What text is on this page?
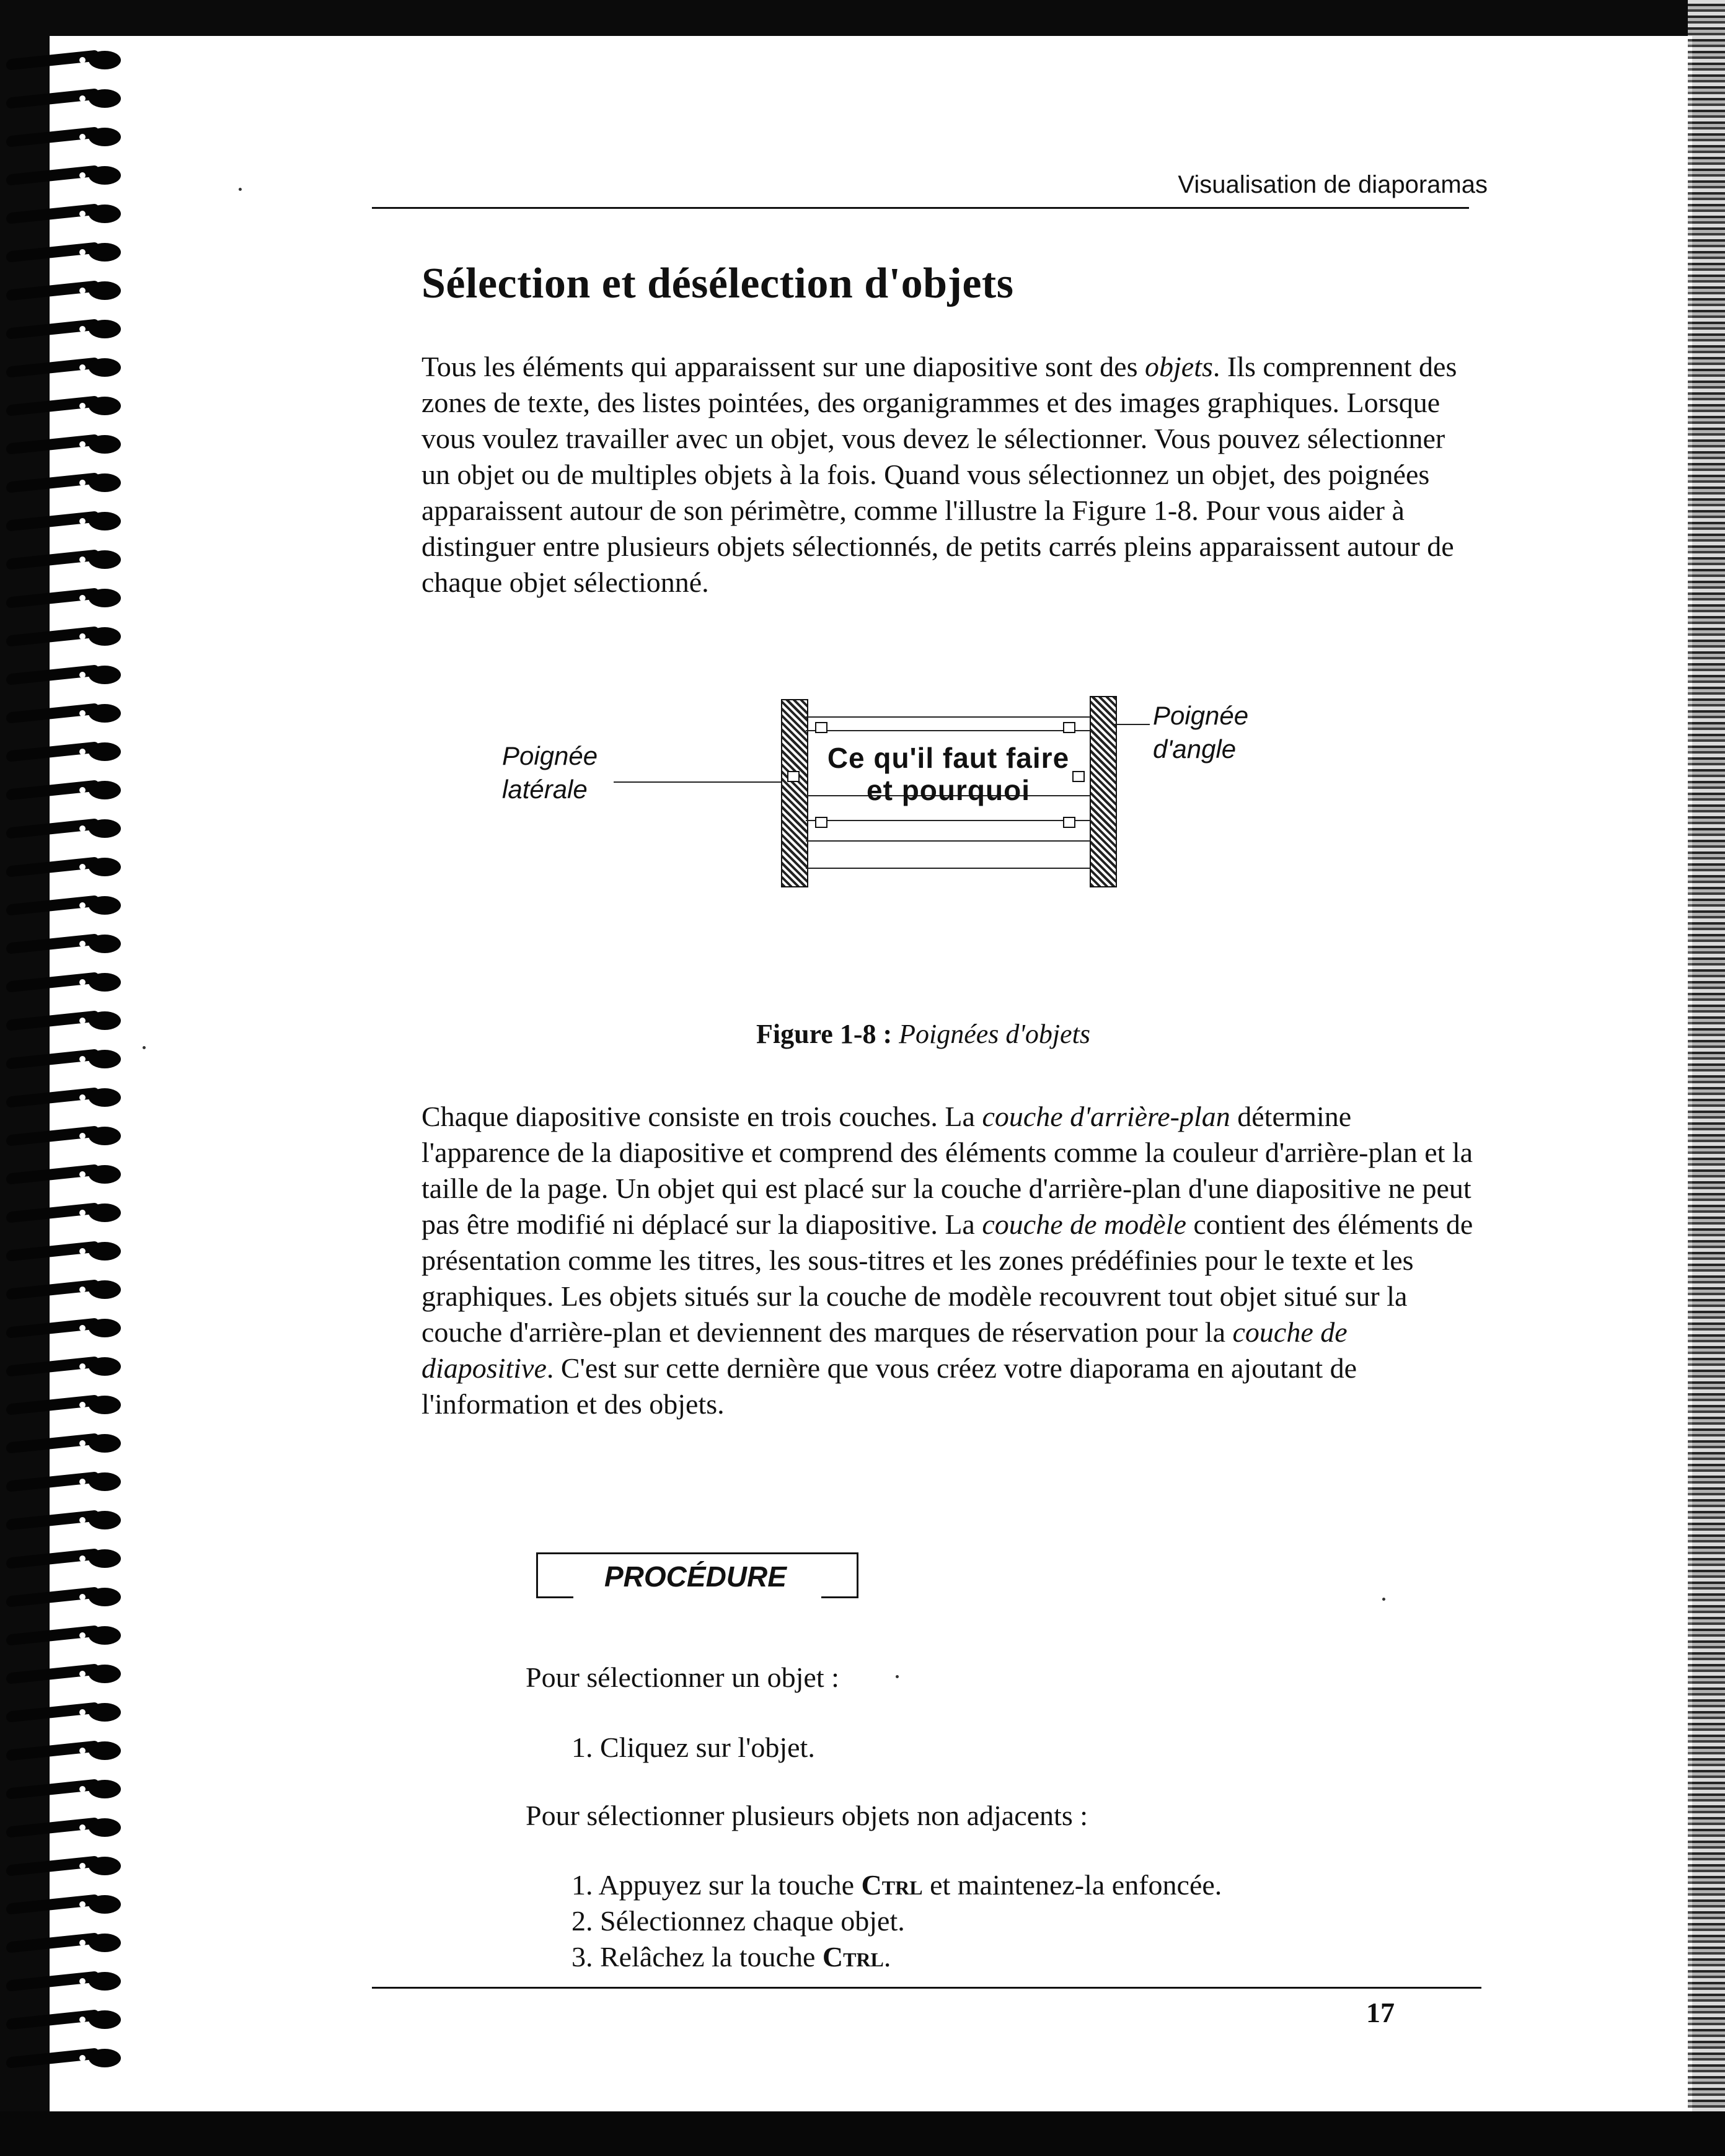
Visualisation de diaporamas
Sélection et désélection d'objets

Tous les éléments qui apparaissent sur une diapositive sont des objets. Ils comprennent des zones de texte, des listes pointées, des organigrammes et des images graphiques. Lorsque vous voulez travailler avec un objet, vous devez le sélectionner. Vous pouvez sélectionner un objet ou de multiples objets à la fois. Quand vous sélectionnez un objet, des poignées apparaissent autour de son périmètre, comme l'illustre la Figure 1-8. Pour vous aider à distinguer entre plusieurs objets sélectionnés, de petits carrés pleins apparaissent autour de chaque objet sélectionné.

Poignée
latérale
Ce qu'il faut faire
et pourquoi
Poignée
d'angle
Figure 1-8 : Poignées d'objets

Chaque diapositive consiste en trois couches. La couche d'arrière-plan détermine l'apparence de la diapositive et comprend des éléments comme la couleur d'arrière-plan et la taille de la page. Un objet qui est placé sur la couche d'arrière-plan d'une diapositive ne peut pas être modifié ni déplacé sur la diapositive. La couche de modèle contient des éléments de présentation comme les titres, les sous-titres et les zones prédéfinies pour le texte et les graphiques. Les objets situés sur la couche de modèle recouvrent tout objet situé sur la couche d'arrière-plan et deviennent des marques de réservation pour la couche de diapositive. C'est sur cette dernière que vous créez votre diaporama en ajoutant de l'information et des objets.

PROCÉDURE
Pour sélectionner un objet :
1. Cliquez sur l'objet.
Pour sélectionner plusieurs objets non adjacents :
1. Appuyez sur la touche Ctrl et maintenez-la enfoncée.
2. Sélectionnez chaque objet.
3. Relâchez la touche Ctrl.
17
